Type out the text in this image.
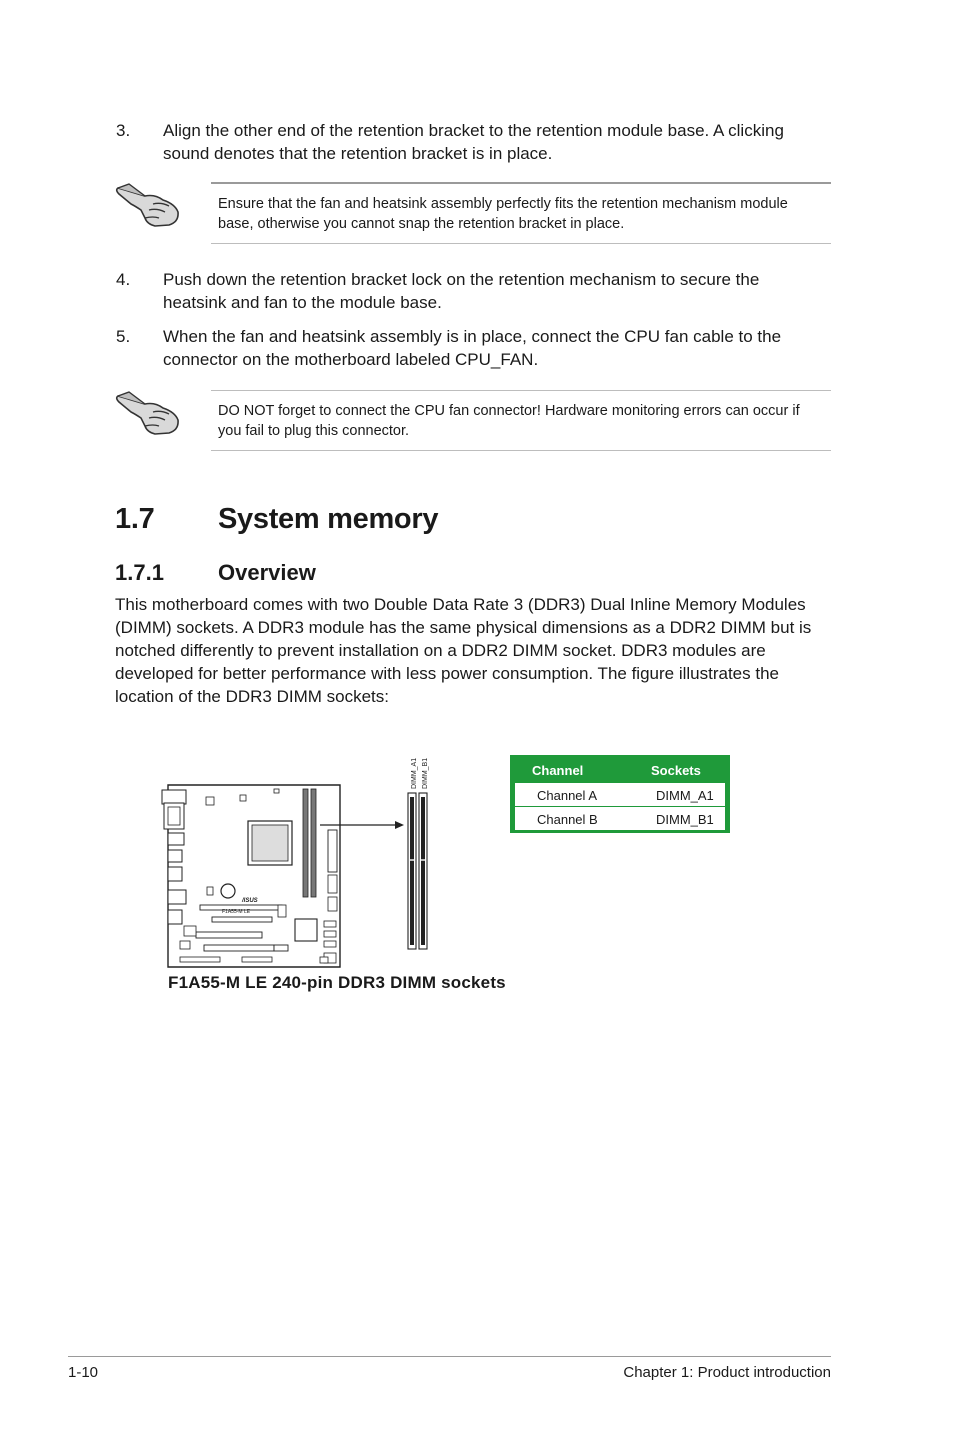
3. Align the other end of the retention bracket to the retention module base. A clicking sound denotes that the retention bracket is in place.
Ensure that the fan and heatsink assembly perfectly fits the retention mechanism module base, otherwise you cannot snap the retention bracket in place.
4. Push down the retention bracket lock on the retention mechanism to secure the heatsink and fan to the module base.
5. When the fan and heatsink assembly is in place, connect the CPU fan cable to the connector on the motherboard labeled CPU_FAN.
DO NOT forget to connect the CPU fan connector! Hardware monitoring errors can occur if you fail to plug this connector.
1.7 System memory
1.7.1 Overview
This motherboard comes with two Double Data Rate 3 (DDR3) Dual Inline Memory Modules (DIMM) sockets. A DDR3 module has the same physical dimensions as a DDR2 DIMM but is notched differently to prevent installation on a DDR2 DIMM socket. DDR3 modules are developed for better performance with less power consumption. The figure illustrates the location of the DDR3 DIMM sockets:
/ISUS
F1A55-M LE
DIMM_A1 DIMM_B1	Channel	Sockets
Channel A	DIMM_A1
Channel B	DIMM_B1
F1A55-M LE 240-pin DDR3 DIMM sockets
1-10	Chapter 1: Product introduction
